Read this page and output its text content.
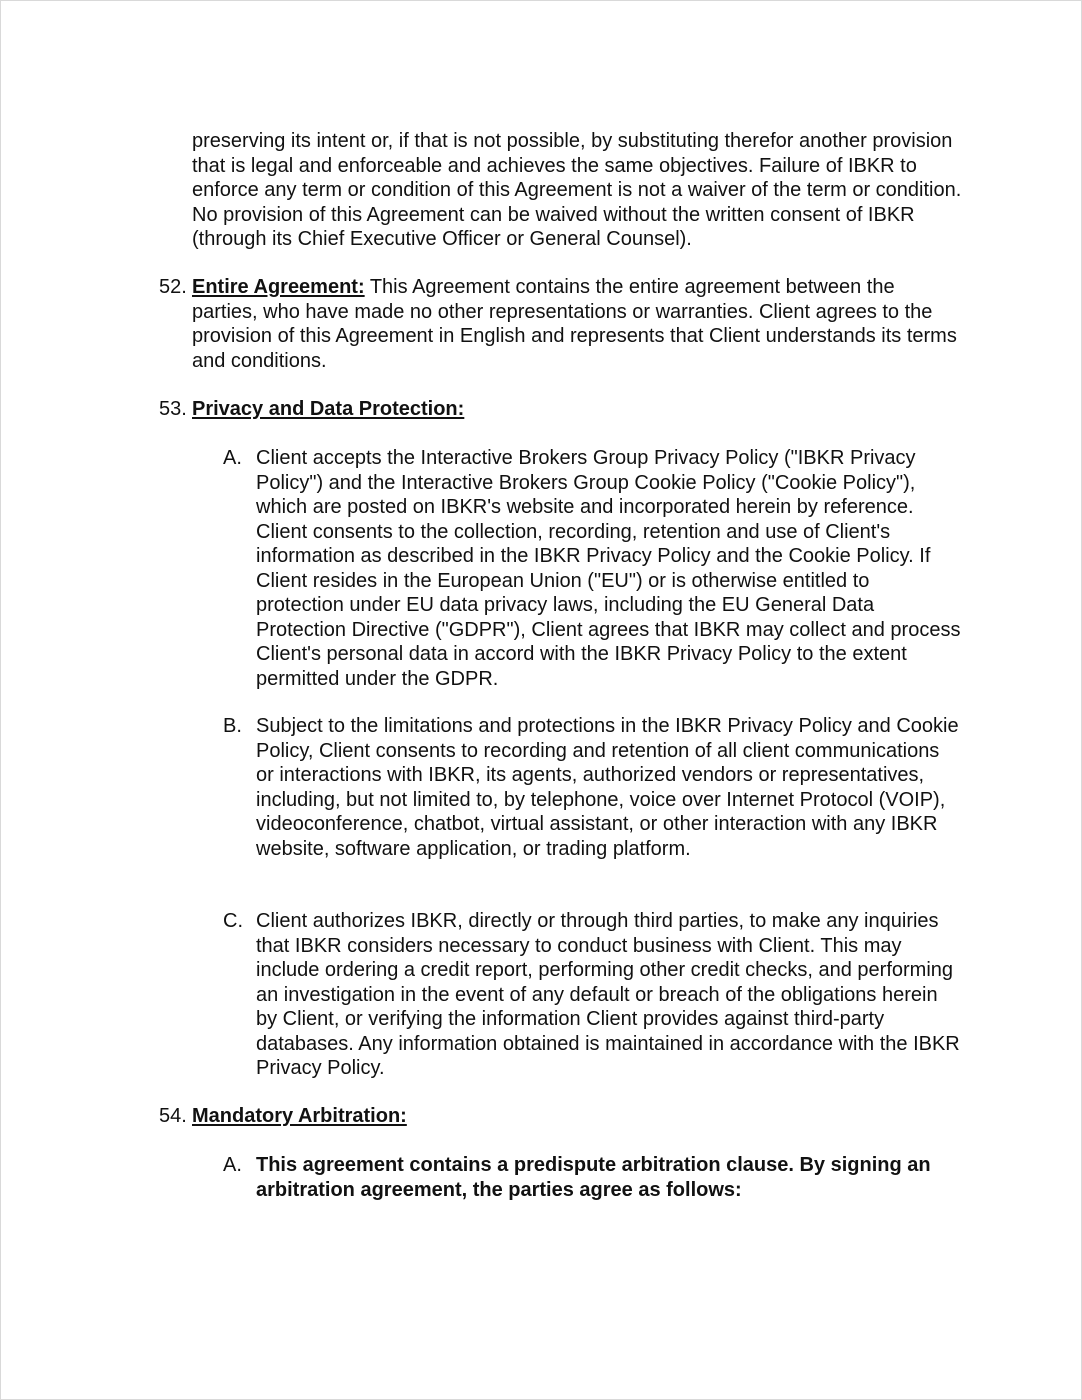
preserving its intent or, if that is not possible, by substituting therefor another provision that is legal and enforceable and achieves the same objectives. Failure of IBKR to enforce any term or condition of this Agreement is not a waiver of the term or condition. No provision of this Agreement can be waived without the written consent of IBKR (through its Chief Executive Officer or General Counsel).

52. Entire Agreement: This Agreement contains the entire agreement between the parties, who have made no other representations or warranties. Client agrees to the provision of this Agreement in English and represents that Client understands its terms and conditions.

53. Privacy and Data Protection:

A. Client accepts the Interactive Brokers Group Privacy Policy ("IBKR Privacy Policy") and the Interactive Brokers Group Cookie Policy ("Cookie Policy"), which are posted on IBKR's website and incorporated herein by reference. Client consents to the collection, recording, retention and use of Client's information as described in the IBKR Privacy Policy and the Cookie Policy. If Client resides in the European Union ("EU") or is otherwise entitled to protection under EU data privacy laws, including the EU General Data Protection Directive ("GDPR"), Client agrees that IBKR may collect and process Client's personal data in accord with the IBKR Privacy Policy to the extent permitted under the GDPR.

B. Subject to the limitations and protections in the IBKR Privacy Policy and Cookie Policy, Client consents to recording and retention of all client communications or interactions with IBKR, its agents, authorized vendors or representatives, including, but not limited to, by telephone, voice over Internet Protocol (VOIP), videoconference, chatbot, virtual assistant, or other interaction with any IBKR website, software application, or trading platform.

C. Client authorizes IBKR, directly or through third parties, to make any inquiries that IBKR considers necessary to conduct business with Client. This may include ordering a credit report, performing other credit checks, and performing an investigation in the event of any default or breach of the obligations herein by Client, or verifying the information Client provides against third-party databases. Any information obtained is maintained in accordance with the IBKR Privacy Policy.

54. Mandatory Arbitration:

A. This agreement contains a predispute arbitration clause. By signing an arbitration agreement, the parties agree as follows:
